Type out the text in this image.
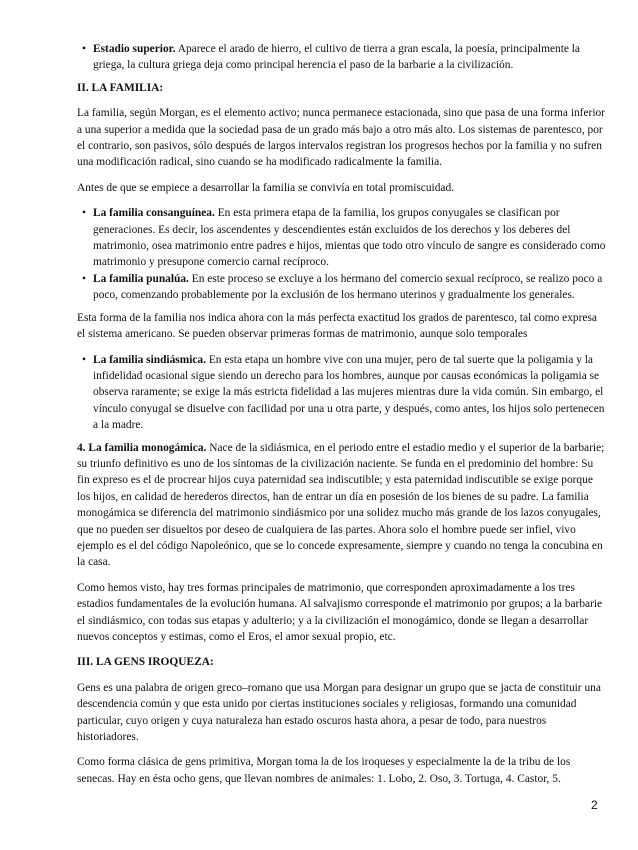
• Estadio superior. Aparece el arado de hierro, el cultivo de tierra a gran escala, la poesía, principalmente la griega, la cultura griega deja como principal herencia el paso de la barbarie a la civilización.

II. LA FAMILIA:

La familia, según Morgan, es el elemento activo; nunca permanece estacionada, sino que pasa de una forma inferior a una superior a medida que la sociedad pasa de un grado más bajo a otro más alto. Los sistemas de parentesco, por el contrario, son pasivos, sólo después de largos intervalos registran los progresos hechos por la familia y no sufren una modificación radical, sino cuando se ha modificado radicalmente la familia.

Antes de que se empiece a desarrollar la familia se convivía en total promiscuidad.

• La familia consanguínea. En esta primera etapa de la familia, los grupos conyugales se clasifican por generaciones. Es decir, los ascendentes y descendientes están excluidos de los derechos y los deberes del matrimonio, osea matrimonio entre padres e hijos, mientas que todo otro vínculo de sangre es considerado como matrimonio y presupone comercio carnal recíproco.
• La familia punalúa. En este proceso se excluye a los hermano del comercio sexual recíproco, se realizo poco a poco, comenzando probablemente por la exclusión de los hermano uterinos y gradualmente los generales.

Esta forma de la familia nos indica ahora con la más perfecta exactitud los grados de parentesco, tal como expresa el sistema americano. Se pueden observar primeras formas de matrimonio, aunque solo temporales

• La familia sindiásmica. En esta etapa un hombre vive con una mujer, pero de tal suerte que la poligamia y la infidelidad ocasional sigue siendo un derecho para los hombres, aunque por causas económicas la poligamia se observa raramente; se exige la más estricta fidelidad a las mujeres mientras dure la vida común. Sin embargo, el vínculo conyugal se disuelve con facilidad por una u otra parte, y después, como antes, los hijos solo pertenecen a la madre.

4. La familia monogámica. Nace de la sidiásmica, en el periodo entre el estadio medio y el superior de la barbarie; su triunfo definitivo es uno de los síntomas de la civilización naciente. Se funda en el predominio del hombre: Su fin expreso es el de procrear hijos cuya paternidad sea indiscutible; y esta paternidad indiscutible se exige porque los hijos, en calidad de herederos directos, han de entrar un día en posesión de los bienes de su padre. La familia monogámica se diferencia del matrimonio sindiásmico por una solidez mucho más grande de los lazos conyugales, que no pueden ser disueltos por deseo de cualquiera de las partes. Ahora solo el hombre puede ser infiel, vivo ejemplo es el del código Napoleónico, que se lo concede expresamente, siempre y cuando no tenga la concubina en la casa.

Como hemos visto, hay tres formas principales de matrimonio, que corresponden aproximadamente a los tres estadios fundamentales de la evolución humana. Al salvajismo corresponde el matrimonio por grupos; a la barbarie el sindiásmico, con todas sus etapas y adulterio; y a la civilización el monogámico, donde se llegan a desarrollar nuevos conceptos y estimas, como el Eros, el amor sexual propio, etc.

III. LA GENS IROQUEZA:

Gens es una palabra de origen greco–romano que usa Morgan para designar un grupo que se jacta de constituir una descendencia común y que esta unido por ciertas instituciones sociales y religiosas, formando una comunidad particular, cuyo origen y cuya naturaleza han estado oscuros hasta ahora, a pesar de todo, para nuestros historiadores.

Como forma clásica de gens primitiva, Morgan toma la de los iroqueses y especialmente la de la tribu de los senecas. Hay en ésta ocho gens, que llevan nombres de animales: 1. Lobo, 2. Oso, 3. Tortuga, 4. Castor, 5.

2
